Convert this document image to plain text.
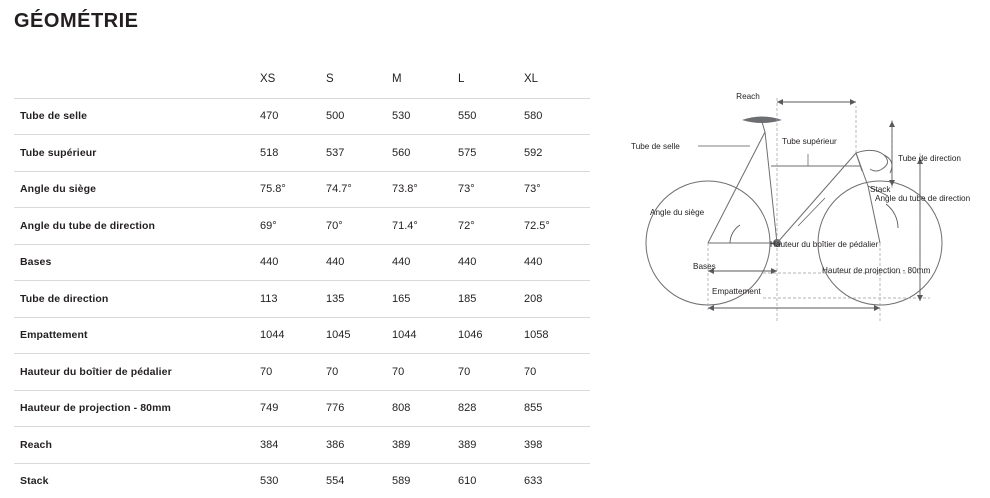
GÉOMÉTRIE
	XS	S	M	L	XL
Tube de selle	470	500	530	550	580
Tube supérieur	518	537	560	575	592
Angle du siège	75.8°	74.7°	73.8°	73°	73°
Angle du tube de direction	69°	70°	71.4°	72°	72.5°
Bases	440	440	440	440	440
Tube de direction	113	135	165	185	208
Empattement	1044	1045	1044	1046	1058
Hauteur du boîtier de pédalier	70	70	70	70	70
Hauteur de projection - 80mm	749	776	808	828	855
Reach	384	386	389	389	398
Stack	530	554	589	610	633
Reach
Tube supérieur
Tube de direction
Tube de selle
Stack
Angle du siège
Angle du tube de direction
Hauteur du boîtier de pédalier
Bases	Hauteur de projection - 80mm
Empattement
